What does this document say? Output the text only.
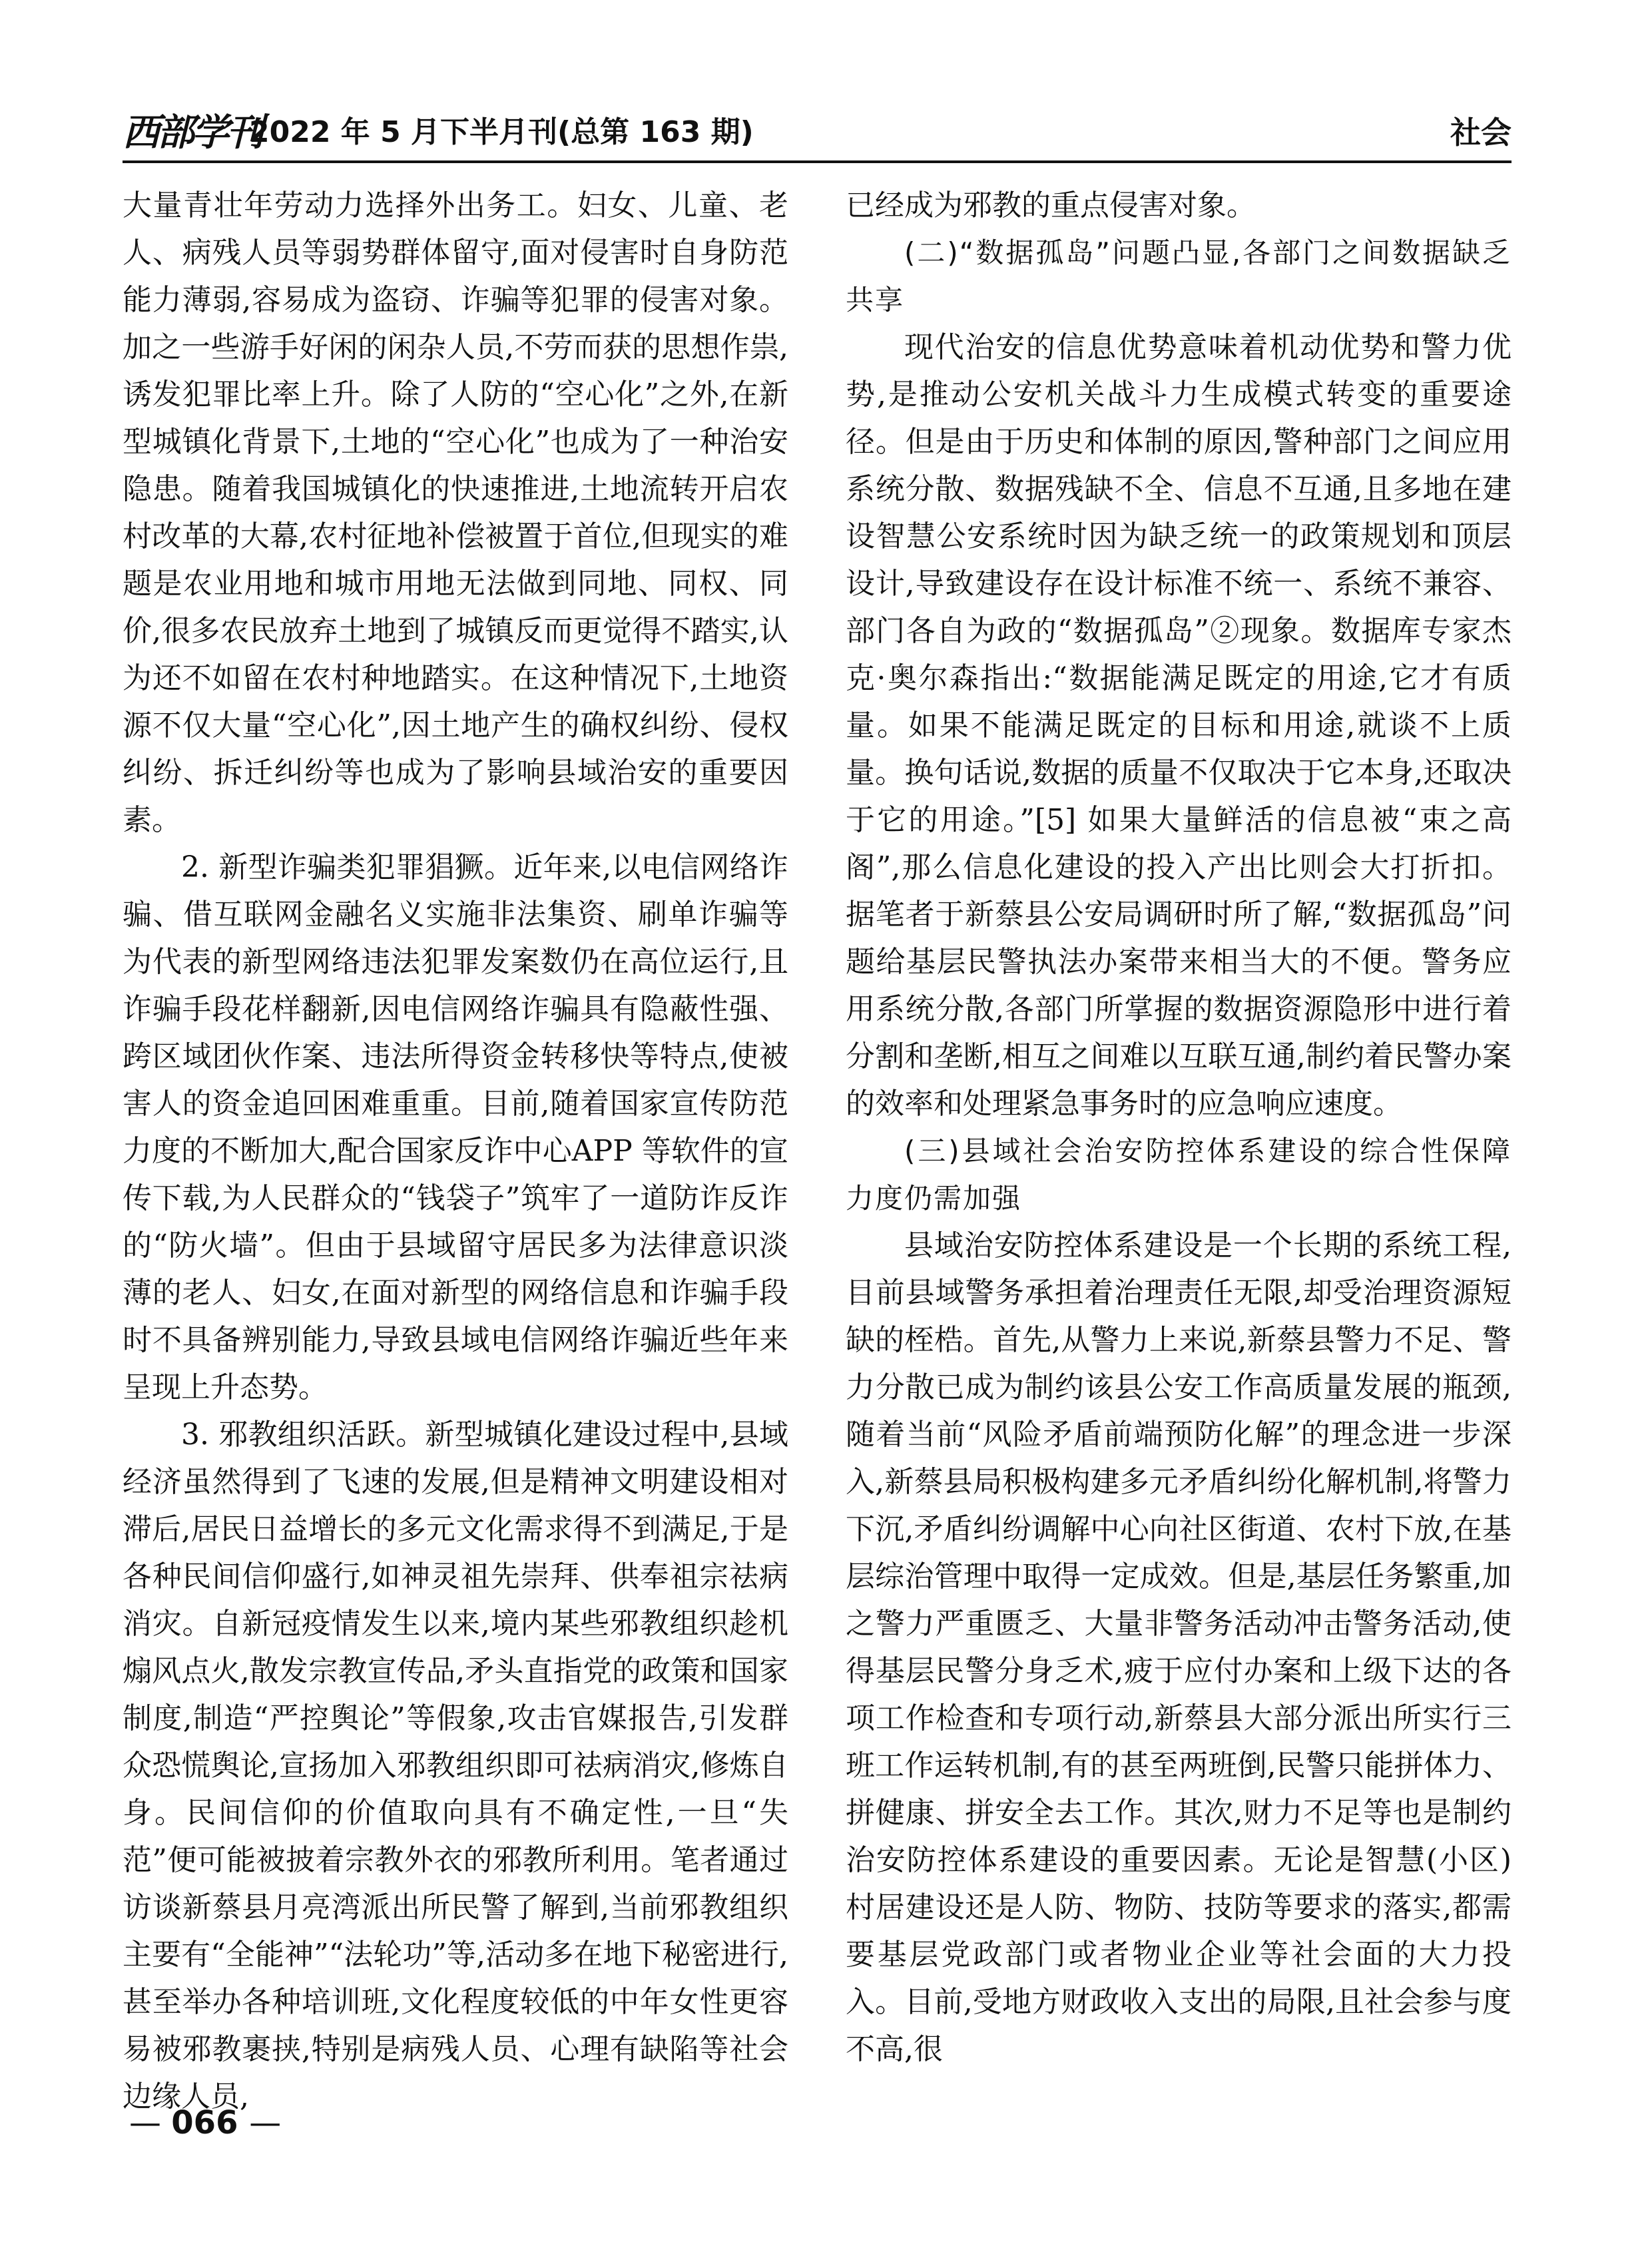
西部学刊
2022 年 5 月下半月刊(总第 163 期)	社会

大量青壮年劳动力选择外出务工。妇女、儿童、老人、病残人员等弱势群体留守,面对侵害时自身防范能力薄弱,容易成为盗窃、诈骗等犯罪的侵害对象。加之一些游手好闲的闲杂人员,不劳而获的思想作祟,诱发犯罪比率上升。除了人防的“空心化”之外,在新型城镇化背景下,土地的“空心化”也成为了一种治安隐患。随着我国城镇化的快速推进,土地流转开启农村改革的大幕,农村征地补偿被置于首位,但现实的难题是农业用地和城市用地无法做到同地、同权、同价,很多农民放弃土地到了城镇反而更觉得不踏实,认为还不如留在农村种地踏实。在这种情况下,土地资源不仅大量“空心化”,因土地产生的确权纠纷、侵权纠纷、拆迁纠纷等也成为了影响县域治安的重要因素。

2. 新型诈骗类犯罪猖獗。近年来,以电信网络诈骗、借互联网金融名义实施非法集资、刷单诈骗等为代表的新型网络违法犯罪发案数仍在高位运行,且诈骗手段花样翻新,因电信网络诈骗具有隐蔽性强、跨区域团伙作案、违法所得资金转移快等特点,使被害人的资金追回困难重重。目前,随着国家宣传防范力度的不断加大,配合国家反诈中心APP 等软件的宣传下载,为人民群众的“钱袋子”筑牢了一道防诈反诈的“防火墙”。但由于县域留守居民多为法律意识淡薄的老人、妇女,在面对新型的网络信息和诈骗手段时不具备辨别能力,导致县域电信网络诈骗近些年来呈现上升态势。

3. 邪教组织活跃。新型城镇化建设过程中,县域经济虽然得到了飞速的发展,但是精神文明建设相对滞后,居民日益增长的多元文化需求得不到满足,于是各种民间信仰盛行,如神灵祖先崇拜、供奉祖宗祛病消灾。自新冠疫情发生以来,境内某些邪教组织趁机煽风点火,散发宗教宣传品,矛头直指党的政策和国家制度,制造“严控舆论”等假象,攻击官媒报告,引发群众恐慌舆论,宣扬加入邪教组织即可祛病消灾,修炼自身。民间信仰的价值取向具有不确定性,一旦“失范”便可能被披着宗教外衣的邪教所利用。笔者通过访谈新蔡县月亮湾派出所民警了解到,当前邪教组织主要有“全能神”“法轮功”等,活动多在地下秘密进行,甚至举办各种培训班,文化程度较低的中年女性更容易被邪教裹挟,特别是病残人员、心理有缺陷等社会边缘人员,

已经成为邪教的重点侵害对象。

(二)“数据孤岛”问题凸显,各部门之间数据缺乏共享

现代治安的信息优势意味着机动优势和警力优势,是推动公安机关战斗力生成模式转变的重要途径。但是由于历史和体制的原因,警种部门之间应用系统分散、数据残缺不全、信息不互通,且多地在建设智慧公安系统时因为缺乏统一的政策规划和顶层设计,导致建设存在设计标准不统一、系统不兼容、部门各自为政的“数据孤岛”②现象。数据库专家杰克·奥尔森指出:“数据能满足既定的用途,它才有质量。如果不能满足既定的目标和用途,就谈不上质量。换句话说,数据的质量不仅取决于它本身,还取决于它的用途。”[5] 如果大量鲜活的信息被“束之高阁”,那么信息化建设的投入产出比则会大打折扣。据笔者于新蔡县公安局调研时所了解,“数据孤岛”问题给基层民警执法办案带来相当大的不便。警务应用系统分散,各部门所掌握的数据资源隐形中进行着分割和垄断,相互之间难以互联互通,制约着民警办案的效率和处理紧急事务时的应急响应速度。

(三)县域社会治安防控体系建设的综合性保障力度仍需加强

县域治安防控体系建设是一个长期的系统工程,目前县域警务承担着治理责任无限,却受治理资源短缺的桎梏。首先,从警力上来说,新蔡县警力不足、警力分散已成为制约该县公安工作高质量发展的瓶颈,随着当前“风险矛盾前端预防化解”的理念进一步深入,新蔡县局积极构建多元矛盾纠纷化解机制,将警力下沉,矛盾纠纷调解中心向社区街道、农村下放,在基层综治管理中取得一定成效。但是,基层任务繁重,加之警力严重匮乏、大量非警务活动冲击警务活动,使得基层民警分身乏术,疲于应付办案和上级下达的各项工作检查和专项行动,新蔡县大部分派出所实行三班工作运转机制,有的甚至两班倒,民警只能拼体力、拼健康、拼安全去工作。其次,财力不足等也是制约治安防控体系建设的重要因素。无论是智慧(小区)村居建设还是人防、物防、技防等要求的落实,都需要基层党政部门或者物业企业等社会面的大力投入。目前,受地方财政收入支出的局限,且社会参与度不高,很

— 066 —
